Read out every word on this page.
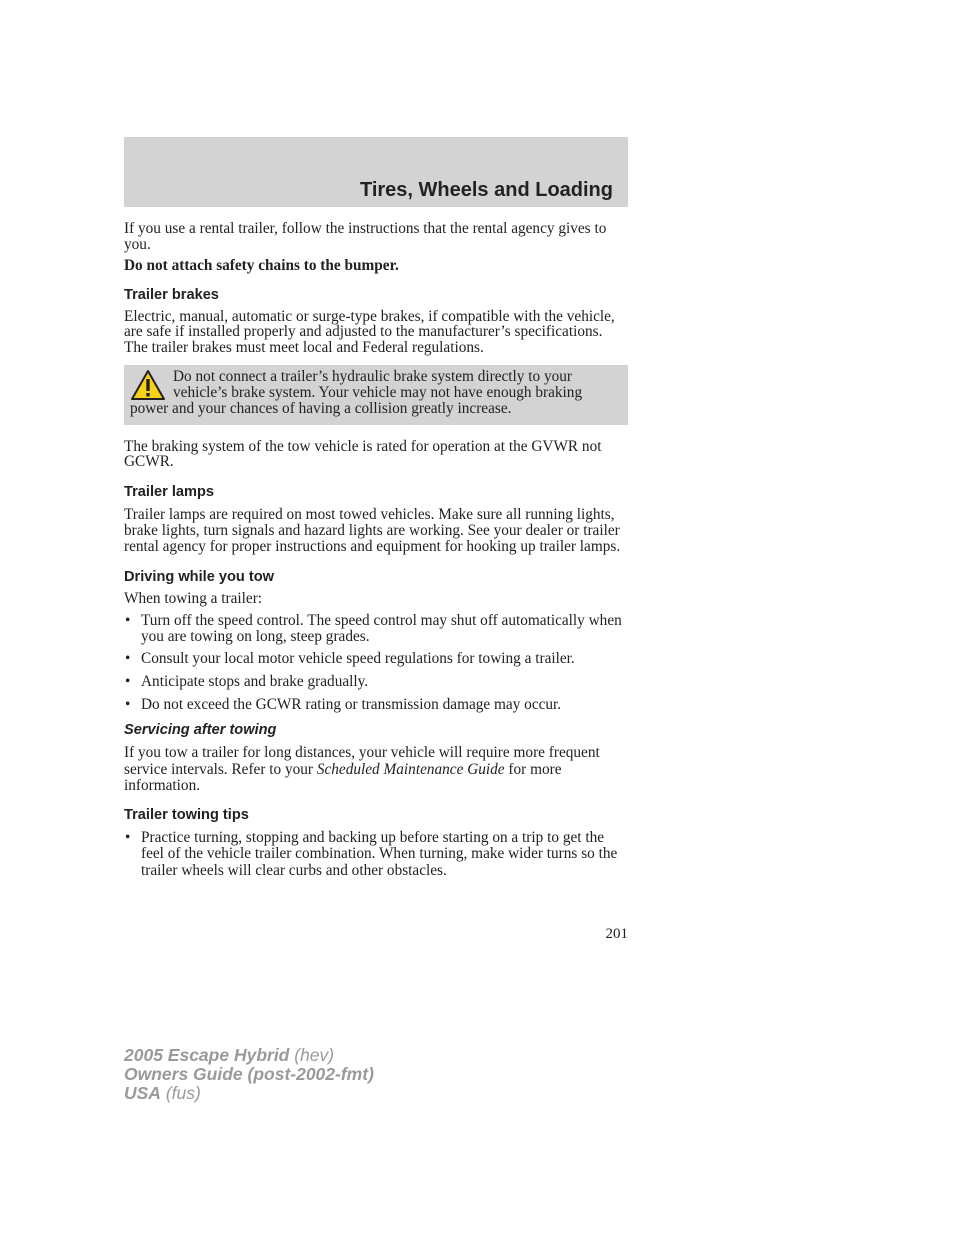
Tires, Wheels and Loading

If you use a rental trailer, follow the instructions that the rental agency gives to you.

Do not attach safety chains to the bumper.

Trailer brakes

Electric, manual, automatic or surge-type brakes, if compatible with the vehicle, are safe if installed properly and adjusted to the manufacturer’s specifications. The trailer brakes must meet local and Federal regulations.

Do not connect a trailer’s hydraulic brake system directly to your vehicle’s brake system. Your vehicle may not have enough braking power and your chances of having a collision greatly increase.

The braking system of the tow vehicle is rated for operation at the GVWR not GCWR.

Trailer lamps

Trailer lamps are required on most towed vehicles. Make sure all running lights, brake lights, turn signals and hazard lights are working. See your dealer or trailer rental agency for proper instructions and equipment for hooking up trailer lamps.

Driving while you tow

When towing a trailer:

• Turn off the speed control. The speed control may shut off automatically when you are towing on long, steep grades.
• Consult your local motor vehicle speed regulations for towing a trailer.
• Anticipate stops and brake gradually.
• Do not exceed the GCWR rating or transmission damage may occur.
Servicing after towing

If you tow a trailer for long distances, your vehicle will require more frequent service intervals. Refer to your Scheduled Maintenance Guide for more information.

Trailer towing tips
• Practice turning, stopping and backing up before starting on a trip to get the feel of the vehicle trailer combination. When turning, make wider turns so the trailer wheels will clear curbs and other obstacles.
201
2005 Escape Hybrid (hev)
Owners Guide (post-2002-fmt)
USA (fus)
